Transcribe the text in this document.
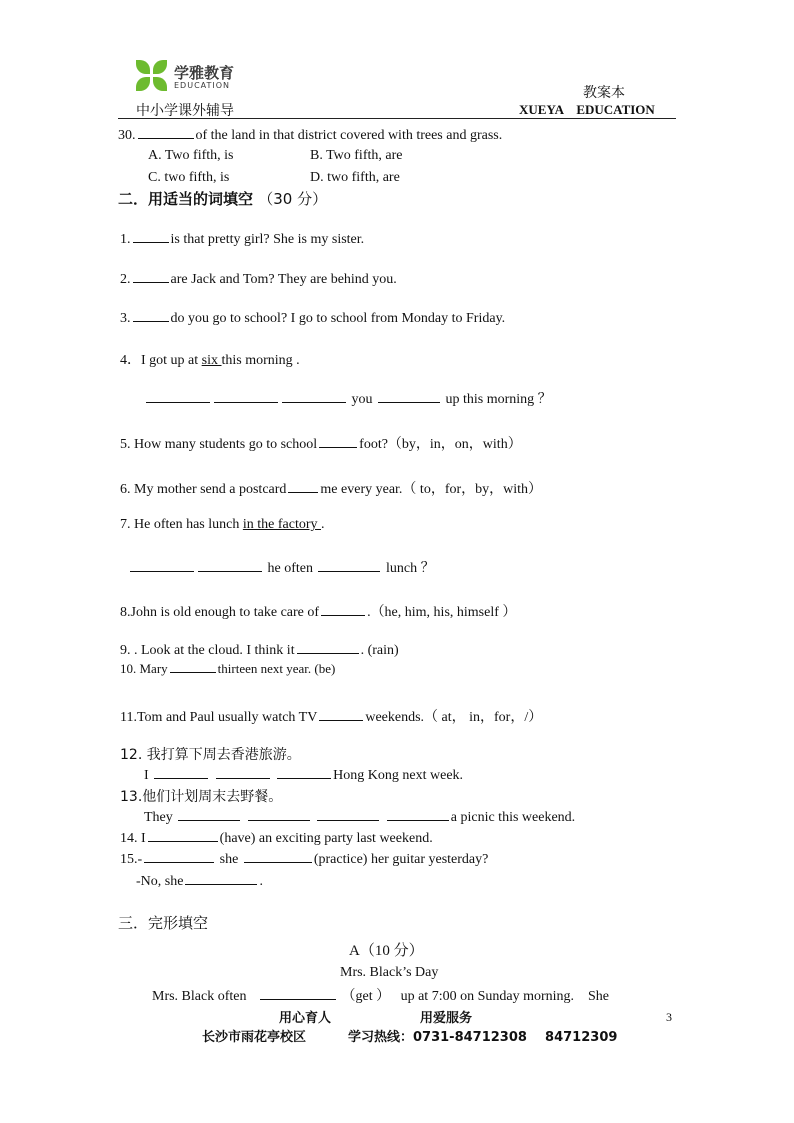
学雅教育
EDUCATION
中小学课外辅导
教案本
XUEYA    EDUCATION
30.	of the land in that district covered with trees and grass.
A. Two fifth, is	B. Two fifth, are
C. two fifth, is	D. two fifth, are
二．用适当的词填空 （30 分）
1.	is that pretty girl? She is my sister.
2.	are Jack and Tom? They are behind you.
3.	do you go to school? I go to school from Monday to Friday.
4．I got up at six this morning .
you	up this morning ？
5. How many students go to school	foot?（by，in，on，with）
6. My mother send a postcard me every year.（ to，for，by，with）
7. He often has lunch in the factory .
he often	lunch ？
8.John is old enough to take care of	.（he, him, his, himself ）
9. . Look at the cloud. I think it	. (rain)
10. Mary	thirteen next year. (be)
11.Tom and Paul usually watch TV	weekends.（ at， in，for，/）
12. 我打算下周去香港旅游。
I	Hong Kong next week.
13.他们计划周末去野餐。
They	a picnic this weekend.
14. I	(have) an exciting party last weekend.
15.-	she	(practice) her guitar yesterday?
-No, she	.
三．完形填空
A（10 分）
Mrs. Black’s Day
Mrs. Black often	（get ）   up at 7:00 on Sunday morning.    She
3
用心育人	用爱服务
长沙市雨花亭校区	学习热线：0731-84712308    84712309
